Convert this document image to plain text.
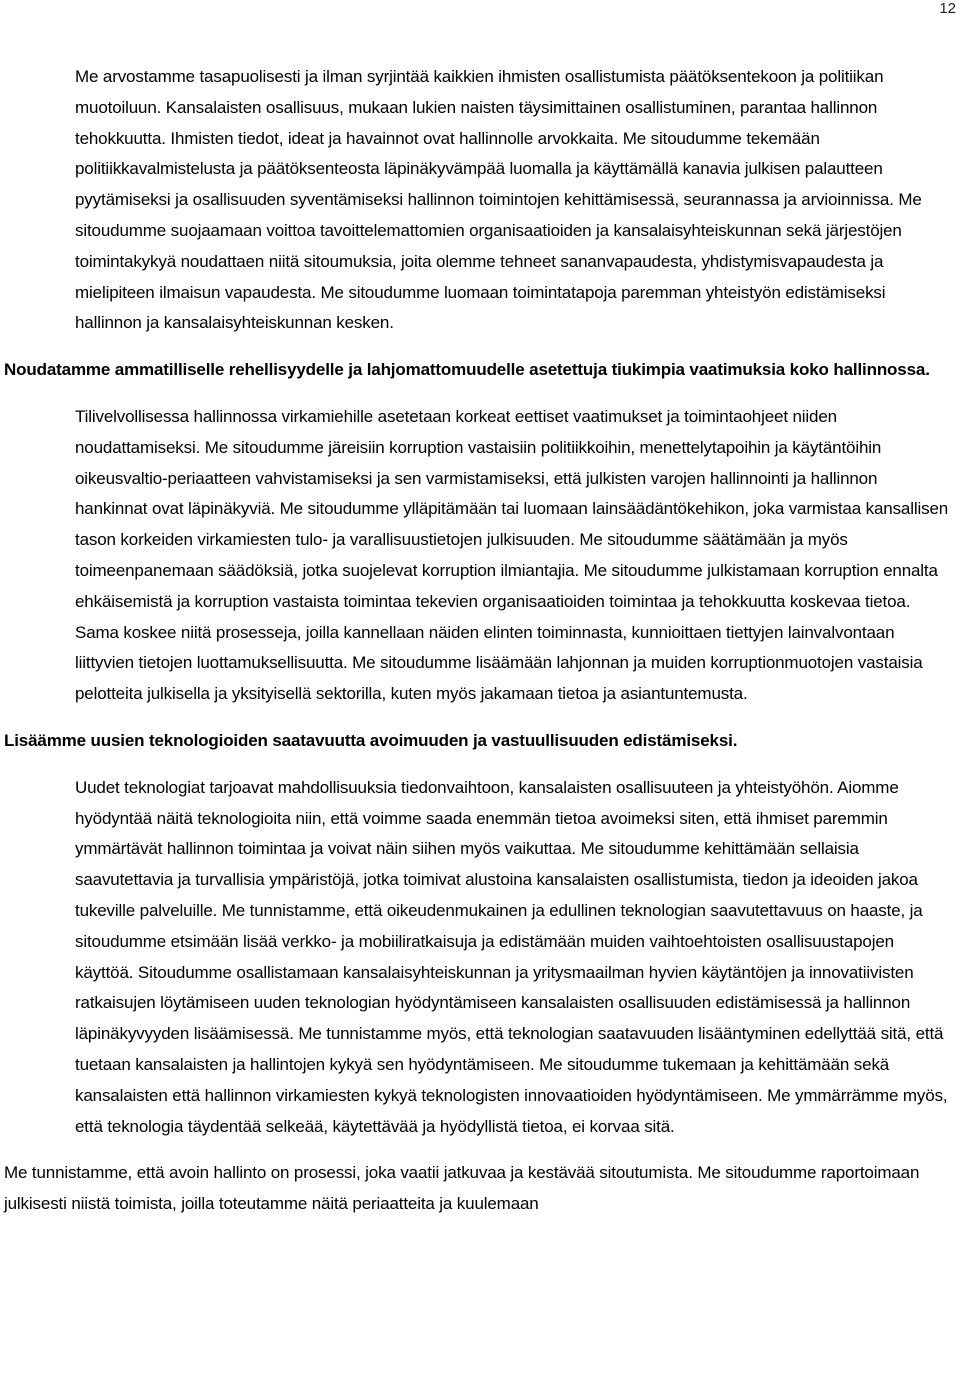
12

Me arvostamme tasapuolisesti ja ilman syrjintää kaikkien ihmisten osallistumista päätöksentekoon ja politiikan muotoiluun. Kansalaisten osallisuus, mukaan lukien naisten täysimittainen osallistuminen, parantaa hallinnon tehokkuutta. Ihmisten tiedot, ideat ja havainnot ovat hallinnolle arvokkaita. Me sitoudumme tekemään politiikkavalmistelusta ja päätöksenteosta läpinäkyvämpää luomalla ja käyttämällä kanavia julkisen palautteen pyytämiseksi ja osallisuuden syventämiseksi hallinnon toimintojen kehittämisessä, seurannassa ja arvioinnissa. Me sitoudumme suojaamaan voittoa tavoittelemattomien organisaatioiden ja kansalaisyhteiskunnan sekä järjestöjen toimintakykyä noudattaen niitä sitoumuksia, joita olemme tehneet sananvapaudesta, yhdistymisvapaudesta ja mielipiteen ilmaisun vapaudesta. Me sitoudumme luomaan toimintatapoja paremman yhteistyön edistämiseksi hallinnon ja kansalaisyhteiskunnan kesken.

Noudatamme ammatilliselle rehellisyydelle ja lahjomattomuudelle asetettuja tiukimpia vaatimuksia koko hallinnossa.

Tilivelvollisessa hallinnossa virkamiehille asetetaan korkeat eettiset vaatimukset ja toimintaohjeet niiden noudattamiseksi. Me sitoudumme järeisiin korruption vastaisiin politiikkoihin, menettelytapoihin ja käytäntöihin oikeusvaltio-periaatteen vahvistamiseksi ja sen varmistamiseksi, että julkisten varojen hallinnointi ja hallinnon hankinnat ovat läpinäkyviä. Me sitoudumme ylläpitämään tai luomaan lainsäädäntökehikon, joka varmistaa kansallisen tason korkeiden virkamiesten tulo- ja varallisuustietojen julkisuuden. Me sitoudumme säätämään ja myös toimeenpanemaan säädöksiä, jotka suojelevat korruption ilmiantajia. Me sitoudumme julkistamaan korruption ennalta ehkäisemistä ja korruption vastaista toimintaa tekevien organisaatioiden toimintaa ja tehokkuutta koskevaa tietoa. Sama koskee niitä prosesseja, joilla kannellaan näiden elinten toiminnasta, kunnioittaen tiettyjen lainvalvontaan liittyvien tietojen luottamuksellisuutta. Me sitoudumme lisäämään lahjonnan ja muiden korruptionmuotojen vastaisia pelotteita julkisella ja yksityisellä sektorilla, kuten myös jakamaan tietoa ja asiantuntemusta.

Lisäämme uusien teknologioiden saatavuutta avoimuuden ja vastuullisuuden edistämiseksi.

Uudet teknologiat tarjoavat mahdollisuuksia tiedonvaihtoon, kansalaisten osallisuuteen ja yhteistyöhön. Aiomme hyödyntää näitä teknologioita niin, että voimme saada enemmän tietoa avoimeksi siten, että ihmiset paremmin ymmärtävät hallinnon toimintaa ja voivat näin siihen myös vaikuttaa. Me sitoudumme kehittämään sellaisia saavutettavia ja turvallisia ympäristöjä, jotka toimivat alustoina kansalaisten osallistumista, tiedon ja ideoiden jakoa tukeville palveluille. Me tunnistamme, että oikeudenmukainen ja edullinen teknologian saavutettavuus on haaste, ja sitoudumme etsimään lisää verkko- ja mobiiliratkaisuja ja edistämään muiden vaihtoehtoisten osallisuustapojen käyttöä. Sitoudumme osallistamaan kansalaisyhteiskunnan ja yritysmaailman hyvien käytäntöjen ja innovatiivisten ratkaisujen löytämiseen uuden teknologian hyödyntämiseen kansalaisten osallisuuden edistämisessä ja hallinnon läpinäkyvyyden lisäämisessä. Me tunnistamme myös, että teknologian saatavuuden lisääntyminen edellyttää sitä, että tuetaan kansalaisten ja hallintojen kykyä sen hyödyntämiseen. Me sitoudumme tukemaan ja kehittämään sekä kansalaisten että hallinnon virkamiesten kykyä teknologisten innovaatioiden hyödyntämiseen. Me ymmärrämme myös, että teknologia täydentää selkeää, käytettävää ja hyödyllistä tietoa, ei korvaa sitä.

Me tunnistamme, että avoin hallinto on prosessi, joka vaatii jatkuvaa ja kestävää sitoutumista. Me sitoudumme raportoimaan julkisesti niistä toimista, joilla toteutamme näitä periaatteita ja kuulemaan
